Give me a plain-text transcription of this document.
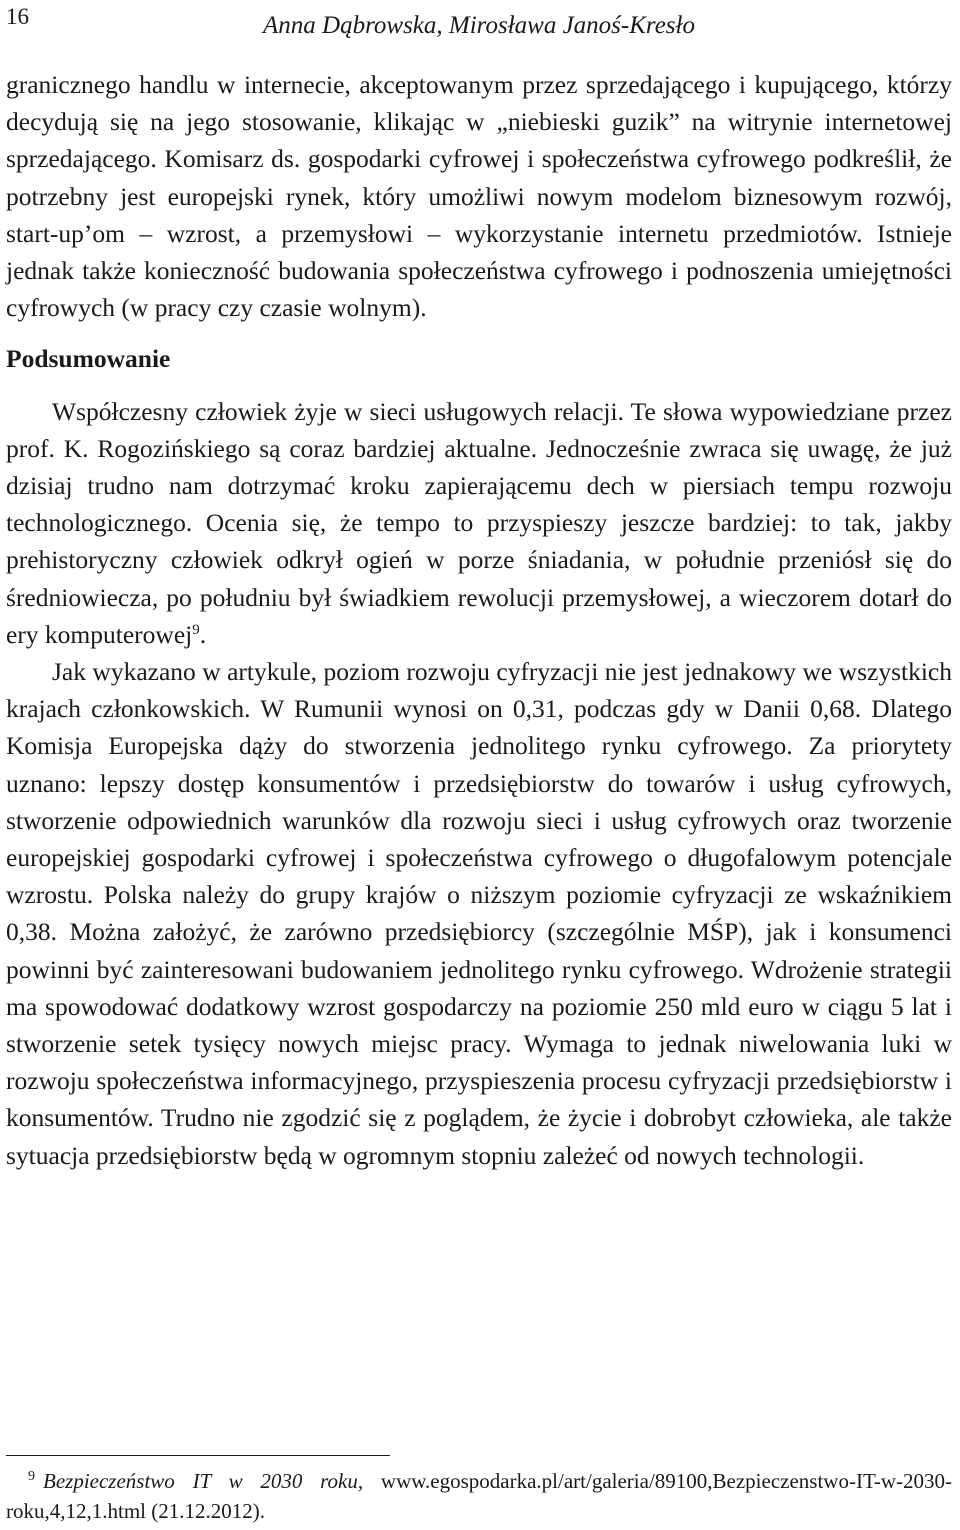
16	Anna Dąbrowska, Mirosława Janoś-Kresło

granicznego handlu w internecie, akceptowanym przez sprzedającego i kupującego, którzy decydują się na jego stosowanie, klikając w „niebieski guzik” na witrynie internetowej sprzedającego. Komisarz ds. gospodarki cyfrowej i społeczeństwa cyfrowego podkreślił, że potrzebny jest europejski rynek, który umożliwi nowym modelom biznesowym rozwój, start-up’om – wzrost, a przemysłowi – wykorzystanie internetu przedmiotów. Istnieje jednak także konieczność budowania społeczeństwa cyfrowego i podnoszenia umiejętności cyfrowych (w pracy czy czasie wolnym).

Podsumowanie

Współczesny człowiek żyje w sieci usługowych relacji. Te słowa wypowiedziane przez prof. K. Rogozińskiego są coraz bardziej aktualne. Jednocześnie zwraca się uwagę, że już dzisiaj trudno nam dotrzymać kroku zapierającemu dech w piersiach tempu rozwoju technologicznego. Ocenia się, że tempo to przyspieszy jeszcze bardziej: to tak, jakby prehistoryczny człowiek odkrył ogień w porze śniadania, w południe przeniósł się do średniowiecza, po południu był świadkiem rewolucji przemysłowej, a wieczorem dotarł do ery komputerowej$^9$.

Jak wykazano w artykule, poziom rozwoju cyfryzacji nie jest jednakowy we wszystkich krajach członkowskich. W Rumunii wynosi on 0,31, podczas gdy w Danii 0,68. Dlatego Komisja Europejska dąży do stworzenia jednolitego rynku cyfrowego. Za priorytety uznano: lepszy dostęp konsumentów i przedsiębiorstw do towarów i usług cyfrowych, stworzenie odpowiednich warunków dla rozwoju sieci i usług cyfrowych oraz tworzenie europejskiej gospodarki cyfrowej i społeczeństwa cyfrowego o długofalowym potencjale wzrostu. Polska należy do grupy krajów o niższym poziomie cyfryzacji ze wskaźnikiem 0,38. Można założyć, że zarówno przedsiębiorcy (szczególnie MŚP), jak i konsumenci powinni być zainteresowani budowaniem jednolitego rynku cyfrowego. Wdrożenie strategii ma spowodować dodatkowy wzrost gospodarczy na poziomie 250 mld euro w ciągu 5 lat i stworzenie setek tysięcy nowych miejsc pracy. Wymaga to jednak niwelowania luki w rozwoju społeczeństwa informacyjnego, przyspieszenia procesu cyfryzacji przedsiębiorstw i konsumentów. Trudno nie zgodzić się z poglądem, że życie i dobrobyt człowieka, ale także sytuacja przedsiębiorstw będą w ogromnym stopniu zależeć od nowych technologii.

$^9$ Bezpieczeństwo IT w 2030 roku, www.egospodarka.pl/art/galeria/89100,Bezpieczenstwo-IT-w-2030-roku,4,12,1.html (21.12.2012).
